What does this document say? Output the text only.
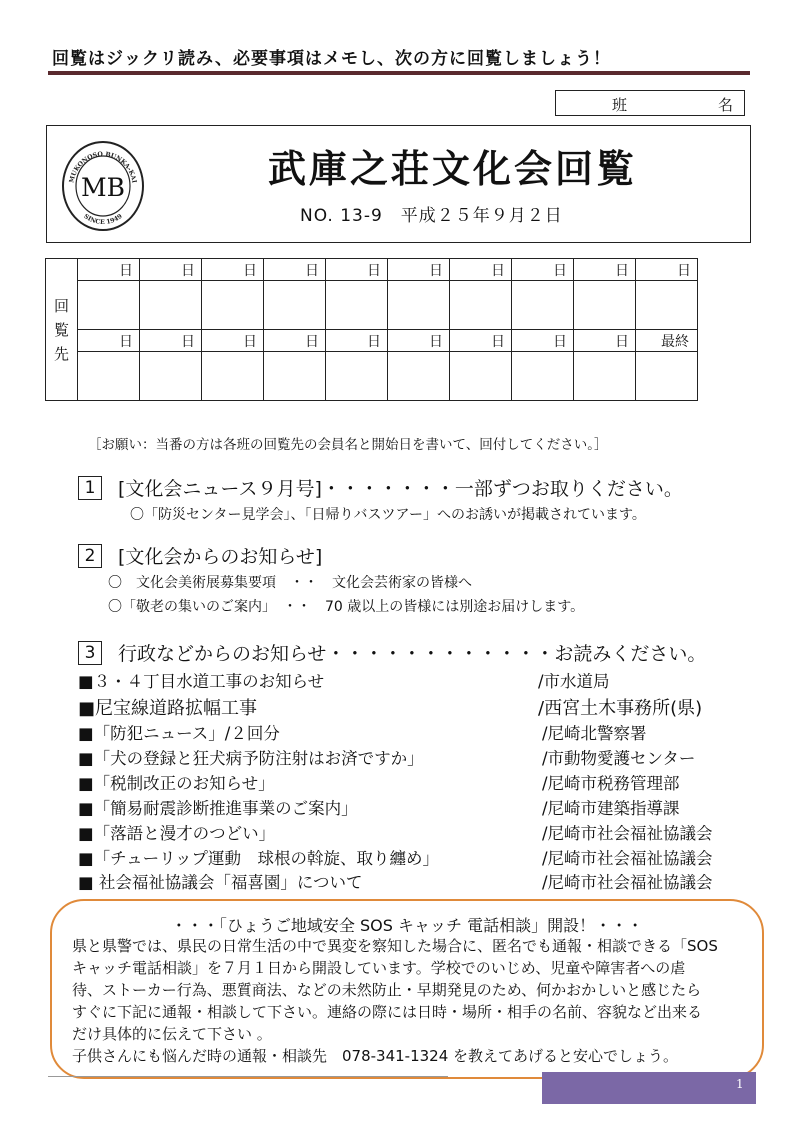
回覧はジックリ読み、必要事項はメモし、次の方に回覧しましょう！
班	名
MUKONOSO BUNKA-KAI
SINCE 1949
MB	武庫之荘文化会回覧
NO. 13-9　平成２５年９月２日
回
覧
先	日	日	日	日	日	日	日	日	日	日

	日	日	日	日	日	日	日	日	日	最終

［お願い：当番の方は各班の回覧先の会員名と開始日を書いて、回付してください。］
1	[文化会ニュース９月号]・・・・・・・一部ずつお取りください。
〇「防災センター見学会」、「日帰りバスツアー」へのお誘いが掲載されています。
2	[文化会からのお知らせ]
〇　文化会美術展募集要項　・・　文化会芸術家の皆様へ
〇「敬老の集いのご案内」　・・　70 歳以上の皆様には別途お届けします。
3	行政などからのお知らせ・・・・・・・・・・・・お読みください。
■３・４丁目水道工事のお知らせ	/市水道局
■尼宝線道路拡幅工事	/西宮土木事務所(県)
■「防犯ニュース」/２回分	/尼崎北警察署
■「犬の登録と狂犬病予防注射はお済ですか」	/市動物愛護センター
■「税制改正のお知らせ」	/尼崎市税務管理部
■「簡易耐震診断推進事業のご案内」	/尼崎市建築指導課
■「落語と漫才のつどい」	/尼崎市社会福祉協議会
■「チューリップ運動　球根の斡旋、取り纏め」	/尼崎市社会福祉協議会
■ 社会福祉協議会「福喜園」について	/尼崎市社会福祉協議会
・・・「ひょうご地域安全 SOS キャッチ 電話相談」開設！・・・

県と県警では、県民の日常生活の中で異変を察知した場合に、匿名でも通報・相談できる「SOS

キャッチ電話相談」を７月１日から開設しています。学校でのいじめ、児童や障害者への虐

待、ストーカー行為、悪質商法、などの未然防止・早期発見のため、何かおかしいと感じたら

すぐに下記に通報・相談して下さい。連絡の際には日時・場所・相手の名前、容貌など出来る

だけ具体的に伝えて下さい 。

子供さんにも悩んだ時の通報・相談先　078-341-1324 を教えてあげると安心でしょう。

1
